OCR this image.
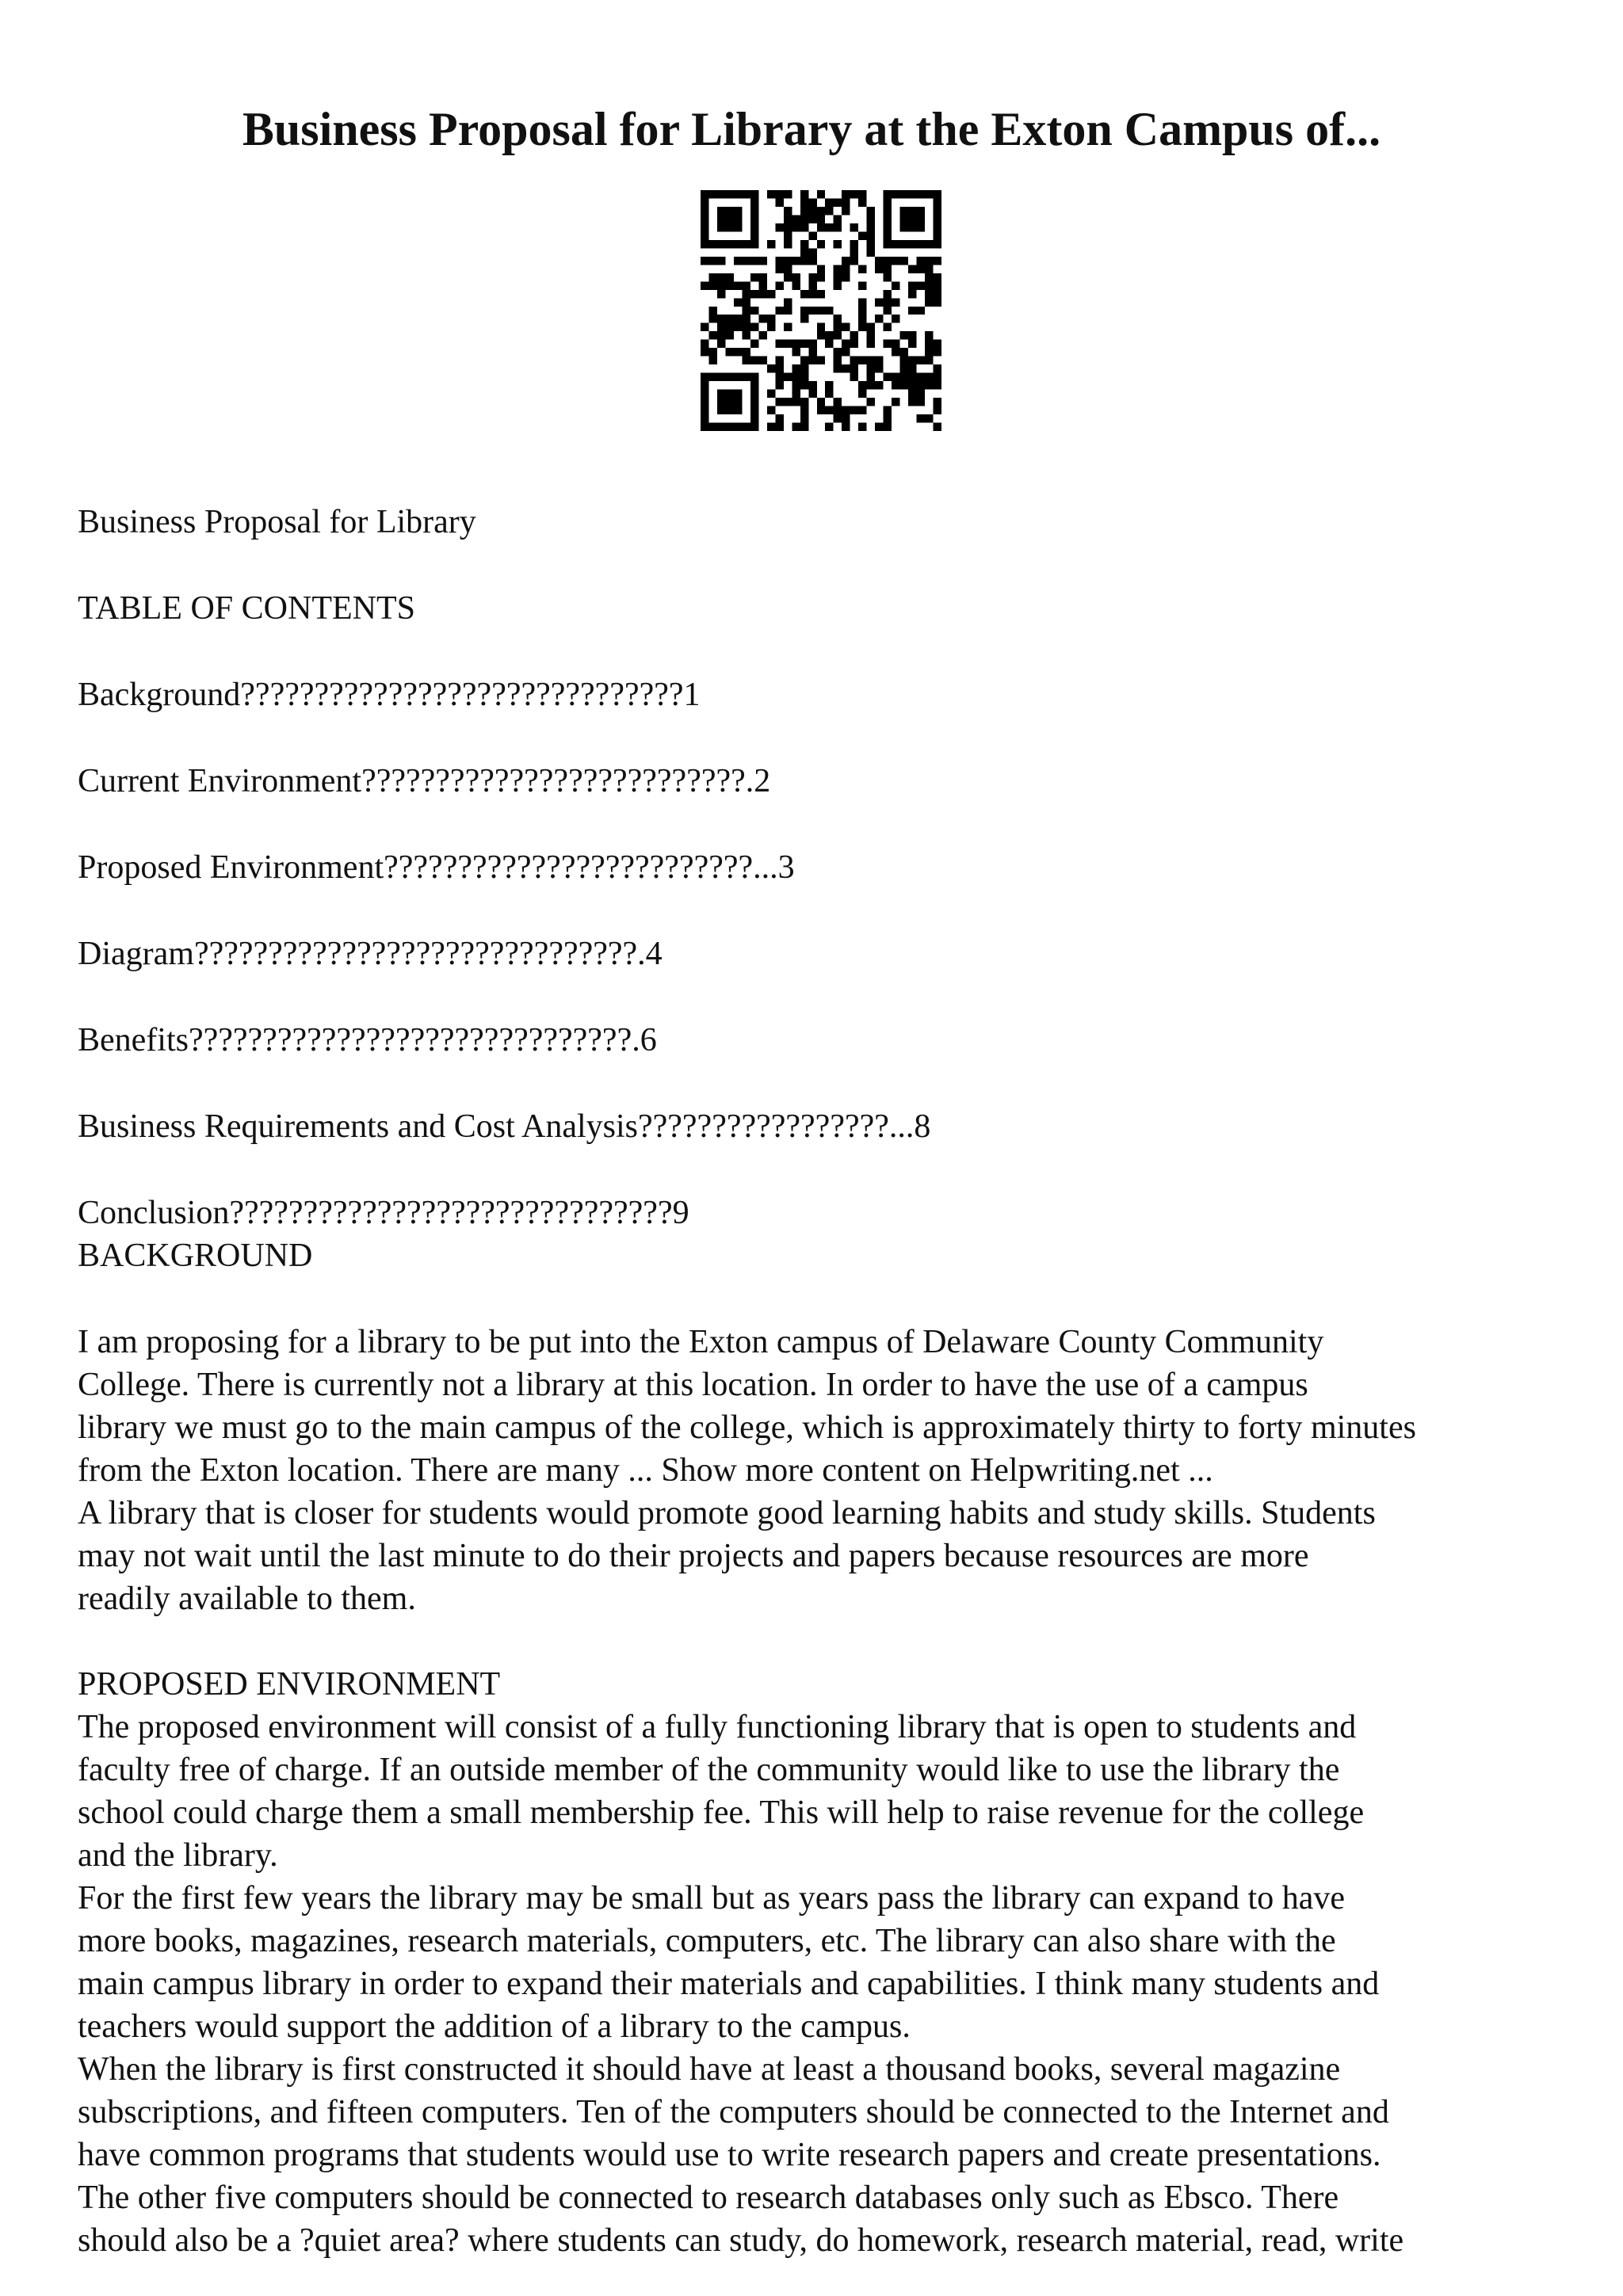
Business Proposal for Library at the Exton Campus of...

Business Proposal for Library

TABLE OF CONTENTS

Background??????????????????????????????1

Current Environment??????????????????????????.2

Proposed Environment?????????????????????????...3

Diagram??????????????????????????????.4

Benefits??????????????????????????????.6

Business Requirements and Cost Analysis?????????????????...8

Conclusion??????????????????????????????9

BACKGROUND

I am proposing for a library to be put into the Exton campus of Delaware County Community
College. There is currently not a library at this location. In order to have the use of a campus
library we must go to the main campus of the college, which is approximately thirty to forty minutes
from the Exton location. There are many ... Show more content on Helpwriting.net ...
A library that is closer for students would promote good learning habits and study skills. Students
may not wait until the last minute to do their projects and papers because resources are more
readily available to them.

PROPOSED ENVIRONMENT

The proposed environment will consist of a fully functioning library that is open to students and
faculty free of charge. If an outside member of the community would like to use the library the
school could charge them a small membership fee. This will help to raise revenue for the college
and the library.
For the first few years the library may be small but as years pass the library can expand to have
more books, magazines, research materials, computers, etc. The library can also share with the
main campus library in order to expand their materials and capabilities. I think many students and
teachers would support the addition of a library to the campus.
When the library is first constructed it should have at least a thousand books, several magazine
subscriptions, and fifteen computers. Ten of the computers should be connected to the Internet and
have common programs that students would use to write research papers and create presentations.
The other five computers should be connected to research databases only such as Ebsco. There
should also be a ?quiet area? where students can study, do homework, research material, read, write
